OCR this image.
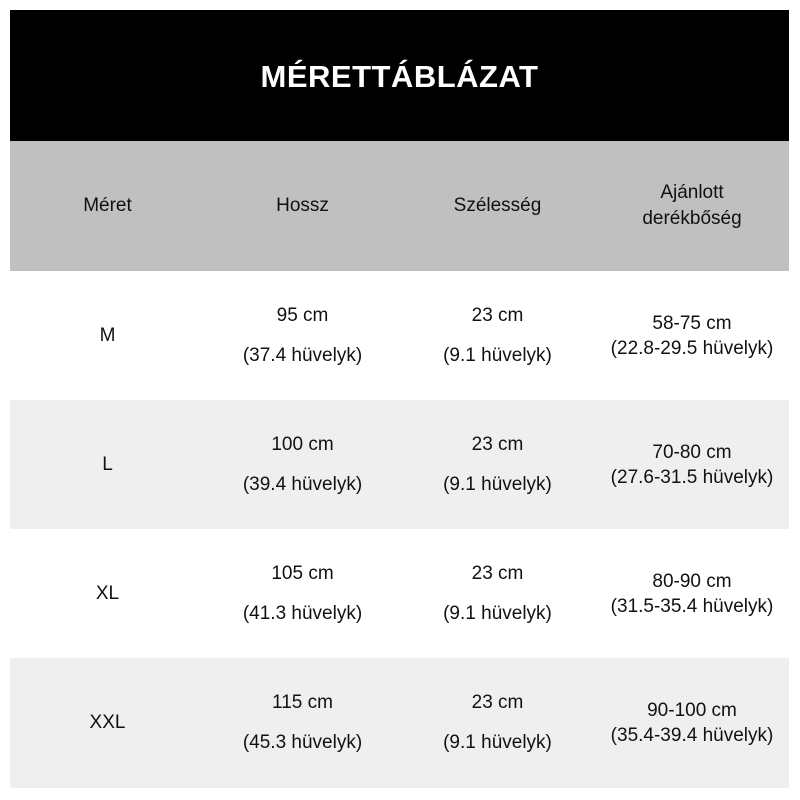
MÉRETTÁBLÁZAT
Méret	Hossz	Szélesség
Ajánlott
derékbőség
M
95 cm
(37.4 hüvelyk)
23 cm
(9.1 hüvelyk)
58-75 cm
(22.8-29.5 hüvelyk)
L
100 cm
(39.4 hüvelyk)
23 cm
(9.1 hüvelyk)
70-80 cm
(27.6-31.5 hüvelyk)
XL
105 cm
(41.3 hüvelyk)
23 cm
(9.1 hüvelyk)
80-90 cm
(31.5-35.4 hüvelyk)
XXL
115 cm
(45.3 hüvelyk)
23 cm
(9.1 hüvelyk)
90-100 cm
(35.4-39.4 hüvelyk)
